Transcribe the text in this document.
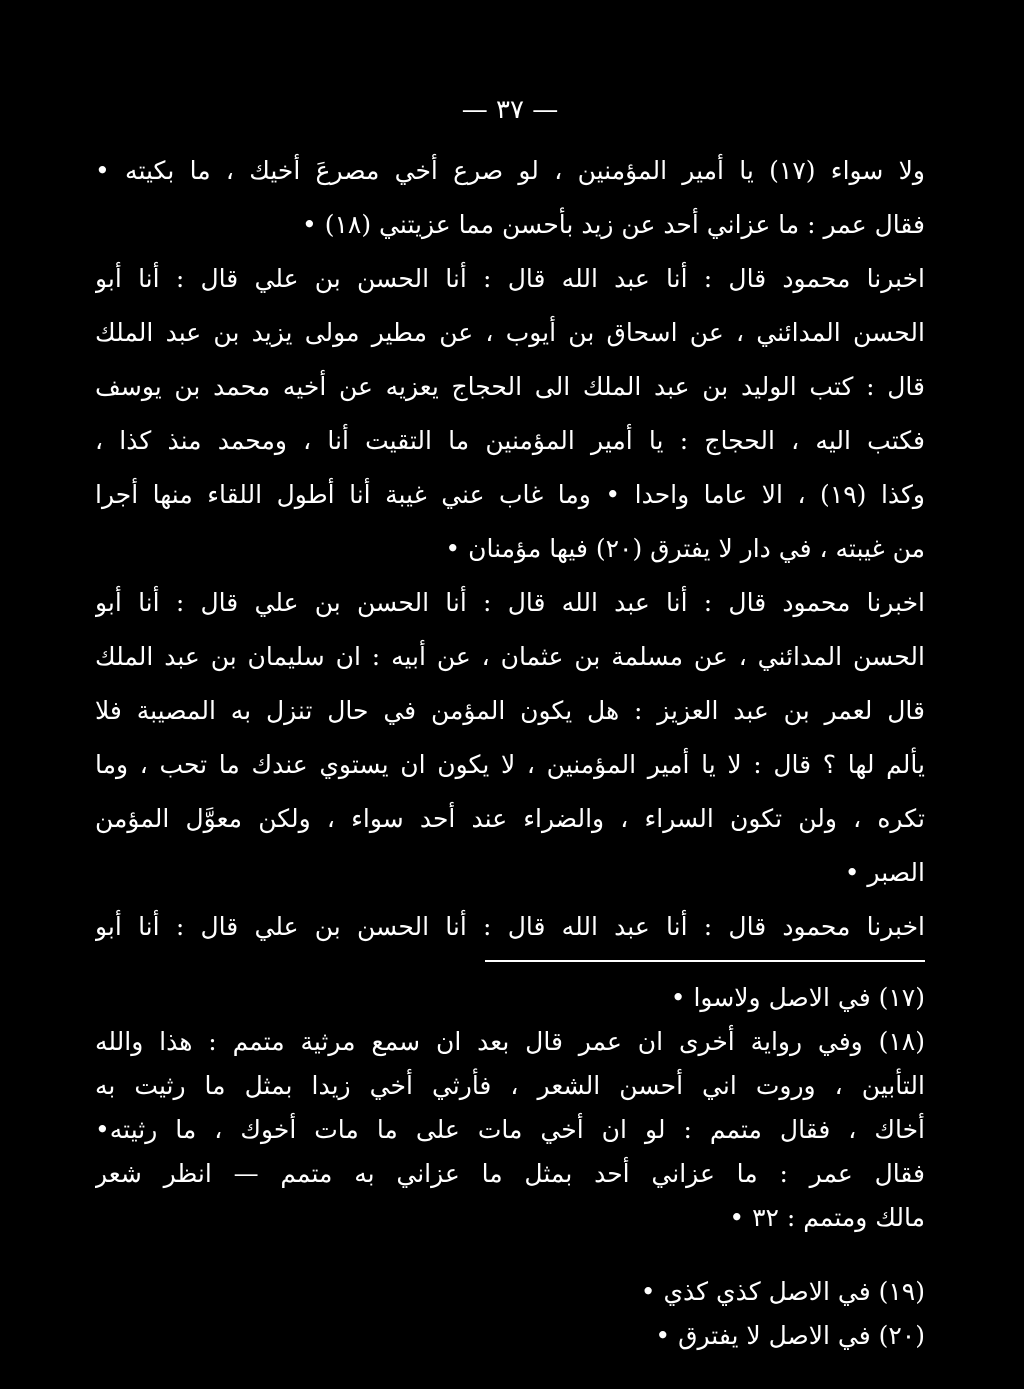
— ٣٧ —
ولا سواء (١٧) يا أمير المؤمنين ، لو صرع أخي مصرعَ أخيك ، ما بكيته •
فقال عمر : ما عزاني أحد عن زيد بأحسن مما عزيتني (١٨) •
اخبرنا محمود قال : أنا عبد الله قال : أنا الحسن بن علي قال : أنا أبو
الحسن المدائني ، عن اسحاق بن أيوب ، عن مطير مولى يزيد بن عبد الملك
قال : كتب الوليد بن عبد الملك الى الحجاج يعزيه عن أخيه محمد بن يوسف
فكتب اليه ، الحجاج : يا أمير المؤمنين ما التقيت أنا ، ومحمد منذ كذا ،
وكذا (١٩) ، الا عاما واحدا • وما غاب عني غيبة أنا أطول اللقاء منها أجرا
من غيبته ، في دار لا يفترق (٢٠) فيها مؤمنان •
اخبرنا محمود قال : أنا عبد الله قال : أنا الحسن بن علي قال : أنا أبو
الحسن المدائني ، عن مسلمة بن عثمان ، عن أبيه : ان سليمان بن عبد الملك
قال لعمر بن عبد العزيز : هل يكون المؤمن في حال تنزل به المصيبة فلا
يألم لها ؟ قال : لا يا أمير المؤمنين ، لا يكون ان يستوي عندك ما تحب ، وما
تكره ، ولن تكون السراء ، والضراء عند أحد سواء ، ولكن معوَّل المؤمن
الصبر •
اخبرنا محمود قال : أنا عبد الله قال : أنا الحسن بن علي قال : أنا أبو
(١٧) في الاصل ولاسوا •
(١٨) وفي رواية أخرى ان عمر قال بعد ان سمع مرثية متمم : هذا والله
التأبين ، وروت اني أحسن الشعر ، فأرثي أخي زيدا بمثل ما رثيت به
أخاك ، فقال متمم : لو ان أخي مات على ما مات أخوك ، ما رثيته•
فقال عمر : ما عزاني أحد بمثل ما عزاني به متمم — انظر شعر
مالك ومتمم : ٣٢ •
(١٩) في الاصل كذي كذي •
(٢٠) في الاصل لا يفترق •
